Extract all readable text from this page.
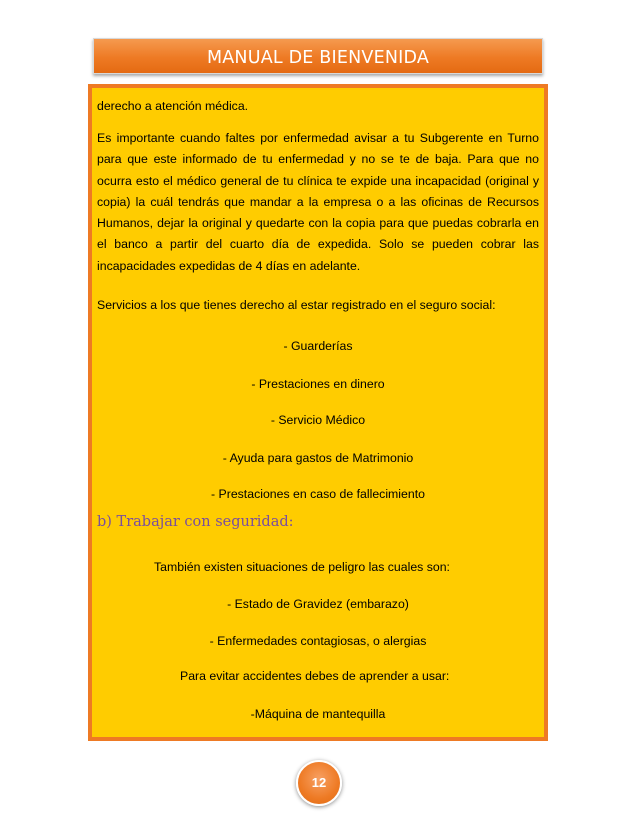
MANUAL DE BIENVENIDA
derecho a atención médica.
Es importante cuando faltes por enfermedad avisar a tu Subgerente en Turno para que este informado de tu enfermedad y no se te de baja. Para que no ocurra esto el médico general de tu clínica te expide una incapacidad (original y copia) la cuál tendrás que mandar a la empresa o a las oficinas de Recursos Humanos, dejar la original y quedarte con la copia para que puedas cobrarla en el banco a partir del cuarto día de expedida. Solo se pueden cobrar las incapacidades expedidas de 4 días en adelante.
Servicios a los que tienes derecho al estar registrado en el seguro social:
- Guarderías
- Prestaciones en dinero
- Servicio Médico
- Ayuda para gastos de Matrimonio
- Prestaciones en caso de fallecimiento
b) Trabajar con seguridad:
También existen situaciones de peligro las cuales son:
- Estado de Gravidez (embarazo)
- Enfermedades contagiosas, o alergias
Para evitar accidentes debes de aprender a usar:
-Máquina de mantequilla
12
